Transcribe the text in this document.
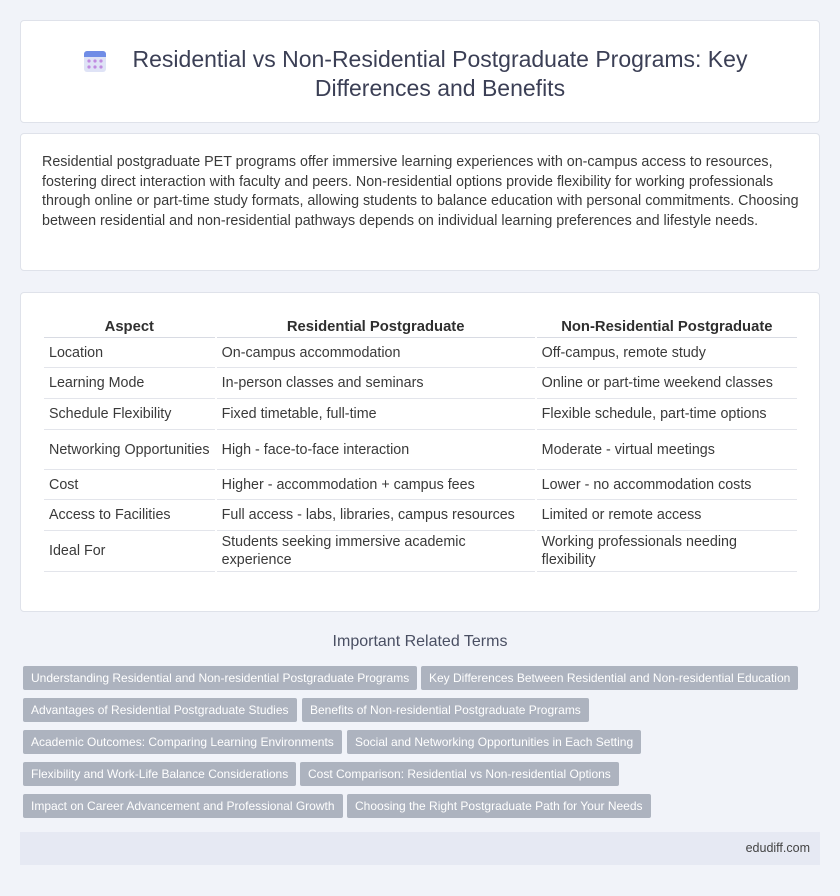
Residential vs Non-Residential Postgraduate Programs: Key Differences and Benefits

Residential postgraduate PET programs offer immersive learning experiences with on-campus access to resources, fostering direct interaction with faculty and peers. Non-residential options provide flexibility for working professionals through online or part-time study formats, allowing students to balance education with personal commitments. Choosing between residential and non-residential pathways depends on individual learning preferences and lifestyle needs.

Aspect	Residential Postgraduate	Non-Residential Postgraduate
Location	On-campus accommodation	Off-campus, remote study
Learning Mode	In-person classes and seminars	Online or part-time weekend classes
Schedule Flexibility	Fixed timetable, full-time	Flexible schedule, part-time options
Networking Opportunities	High - face-to-face interaction	Moderate - virtual meetings
Cost	Higher - accommodation + campus fees	Lower - no accommodation costs
Access to Facilities	Full access - labs, libraries, campus resources	Limited or remote access
Ideal For	Students seeking immersive academic experience	Working professionals needing flexibility
Important Related Terms
Understanding Residential and Non-residential Postgraduate Programs	Key Differences Between Residential and Non-residential Education
Advantages of Residential Postgraduate Studies	Benefits of Non-residential Postgraduate Programs
Academic Outcomes: Comparing Learning Environments	Social and Networking Opportunities in Each Setting
Flexibility and Work-Life Balance Considerations	Cost Comparison: Residential vs Non-residential Options
Impact on Career Advancement and Professional Growth	Choosing the Right Postgraduate Path for Your Needs
edudiff.com
